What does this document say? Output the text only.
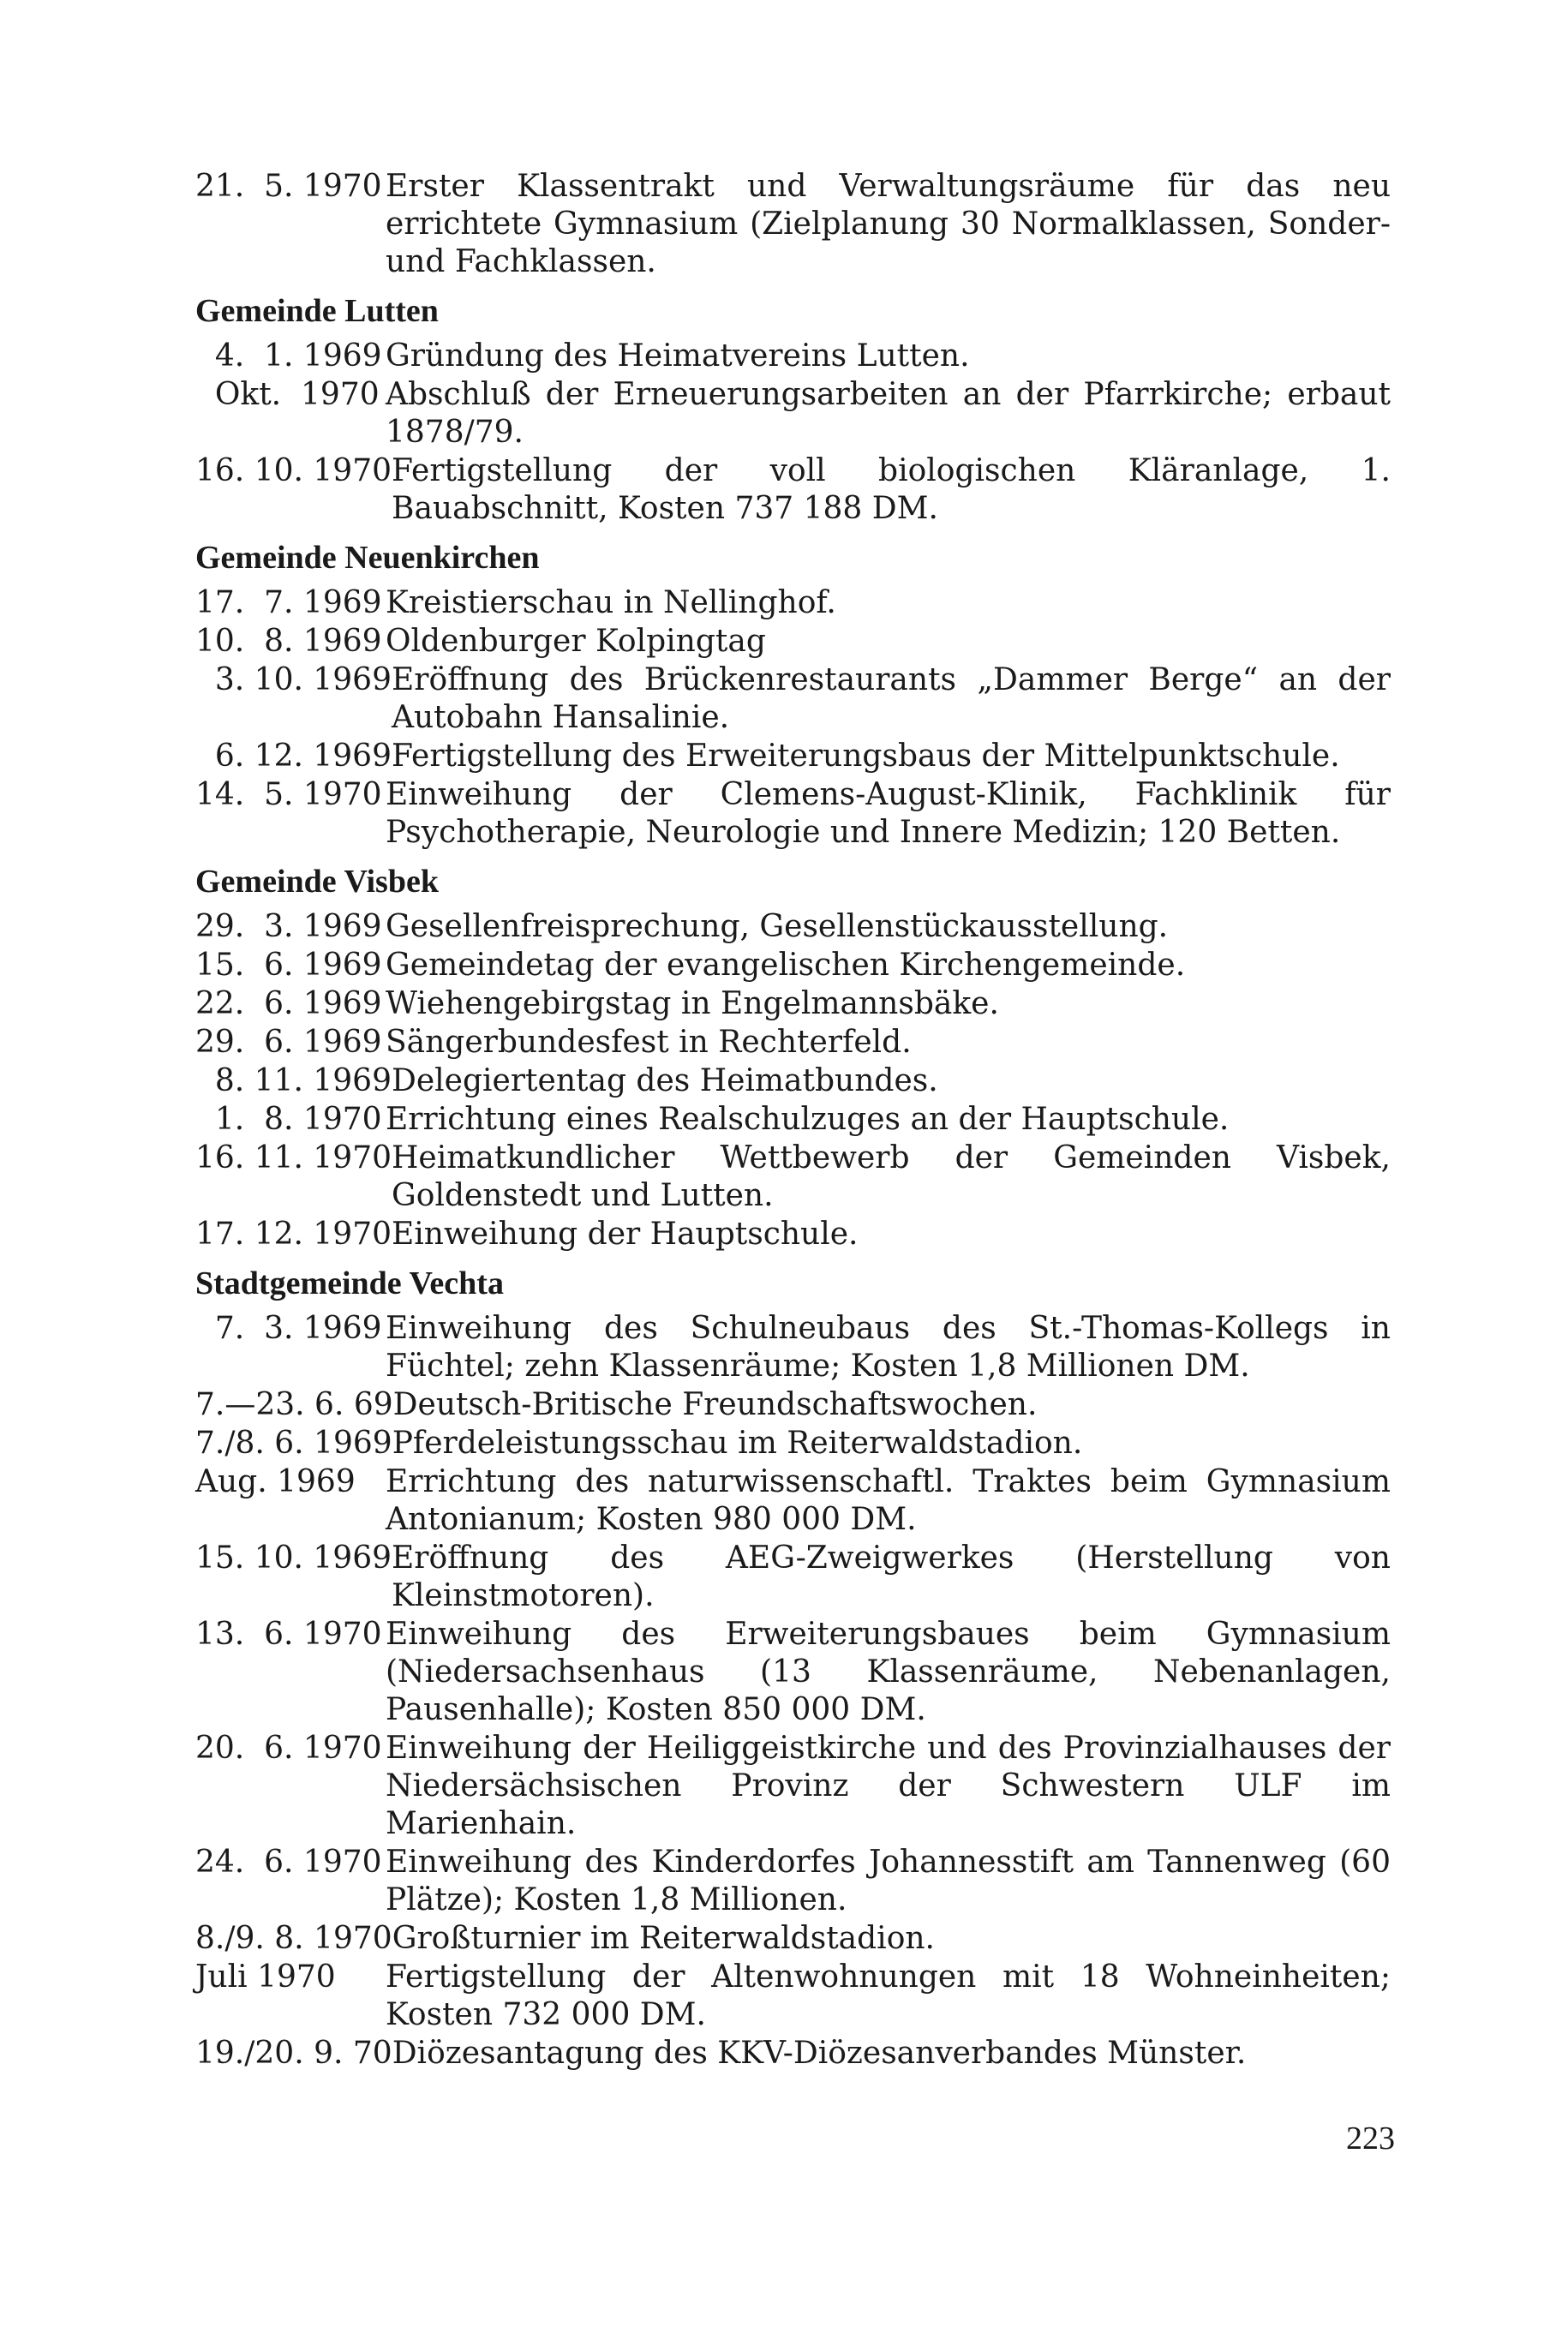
21.  5. 1970 Erster Klassentrakt und Verwaltungsräume für das neu errichtete Gymnasium (Zielplanung 30 Normalklassen, Sonder- und Fachklassen.
Gemeinde Lutten
4.  1. 1969 Gründung des Heimatvereins Lutten.
Okt.  1970 Abschluß der Erneuerungsarbeiten an der Pfarrkirche; erbaut 1878/79.
16. 10. 1970 Fertigstellung der voll biologischen Kläranlage, 1. Bauabschnitt, Kosten 737 188 DM.
Gemeinde Neuenkirchen
17.  7. 1969 Kreistierschau in Nellinghof.
10.  8. 1969 Oldenburger Kolpingtag
3. 10. 1969 Eröffnung des Brückenrestaurants „Dammer Berge“ an der Autobahn Hansalinie.
6. 12. 1969 Fertigstellung des Erweiterungsbaus der Mittelpunktschule.
14.  5. 1970 Einweihung der Clemens-August-Klinik, Fachklinik für Psychotherapie, Neurologie und Innere Medizin; 120 Betten.
Gemeinde Visbek
29.  3. 1969 Gesellenfreisprechung, Gesellenstückausstellung.
15.  6. 1969 Gemeindetag der evangelischen Kirchengemeinde.
22.  6. 1969 Wiehengebirgstag in Engelmannsbäke.
29.  6. 1969 Sängerbundesfest in Rechterfeld.
8. 11. 1969 Delegiertentag des Heimatbundes.
1.  8. 1970 Errichtung eines Realschulzuges an der Hauptschule.
16. 11. 1970 Heimatkundlicher Wettbewerb der Gemeinden Visbek, Goldenstedt und Lutten.
17. 12. 1970 Einweihung der Hauptschule.
Stadtgemeinde Vechta
7.  3. 1969 Einweihung des Schulneubaus des St.-Thomas-Kollegs in Füchtel; zehn Klassenräume; Kosten 1,8 Millionen DM.
7.—23. 6. 69 Deutsch-Britische Freundschaftswochen.
7./8. 6. 1969 Pferdeleistungsschau im Reiterwaldstadion.
Aug. 1969 Errichtung des naturwissenschaftl. Traktes beim Gymnasium Antonianum; Kosten 980 000 DM.
15. 10. 1969 Eröffnung des AEG-Zweigwerkes (Herstellung von Kleinstmotoren).
13.  6. 1970 Einweihung des Erweiterungsbaues beim Gymnasium (Niedersachsenhaus (13 Klassenräume, Nebenanlagen, Pausenhalle); Kosten 850 000 DM.
20.  6. 1970 Einweihung der Heiliggeistkirche und des Provinzialhauses der Niedersächsischen Provinz der Schwestern ULF im Marienhain.
24.  6. 1970 Einweihung des Kinderdorfes Johannesstift am Tannenweg (60 Plätze); Kosten 1,8 Millionen.
8./9. 8. 1970 Großturnier im Reiterwaldstadion.
Juli 1970	Fertigstellung der Altenwohnungen mit 18 Wohneinheiten; Kosten 732 000 DM.
19./20. 9. 70 Diözesantagung des KKV-Diözesanverbandes Münster.
223
